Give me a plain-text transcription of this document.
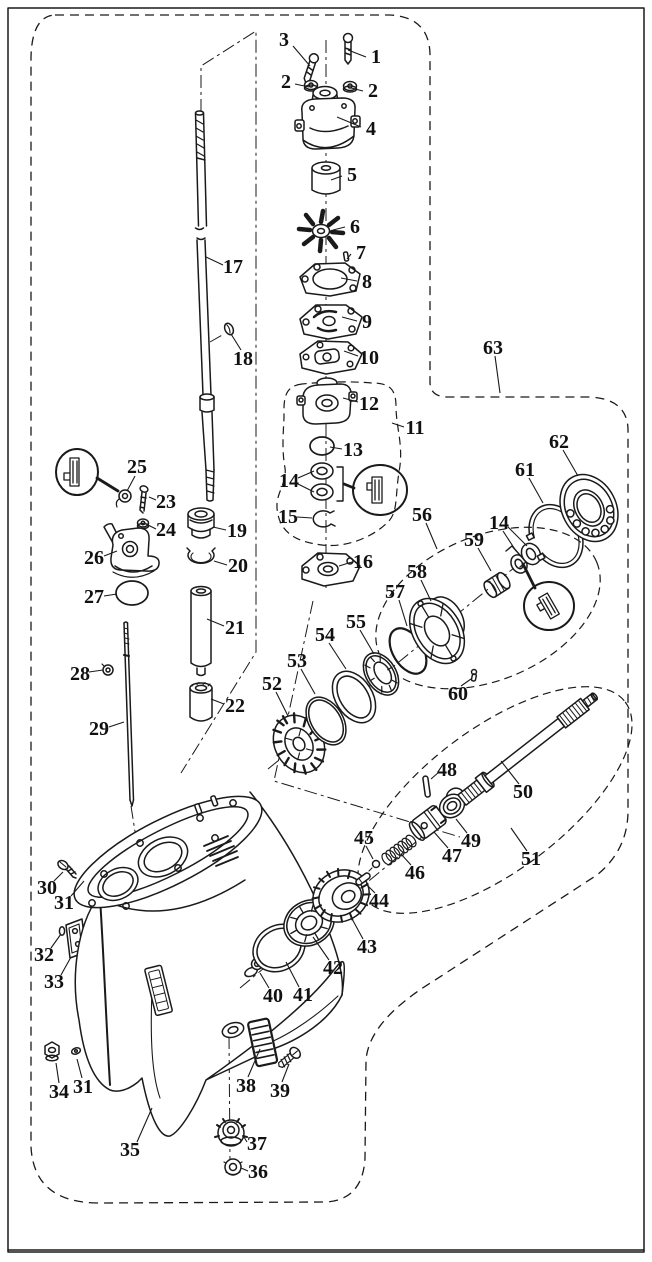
3
1
2	2
4
5
6
7
8
9
10
12
11
13
14
15
16
17
18
19
20
21
22
25
23
24
26
27
28
29
30
31
32
33
34 31
35
36
37
38 39
40 41
42
43
44
45
46
47
48
49
50
51
52
53
54
55
56
57
58
59
14
60
61
62
63
